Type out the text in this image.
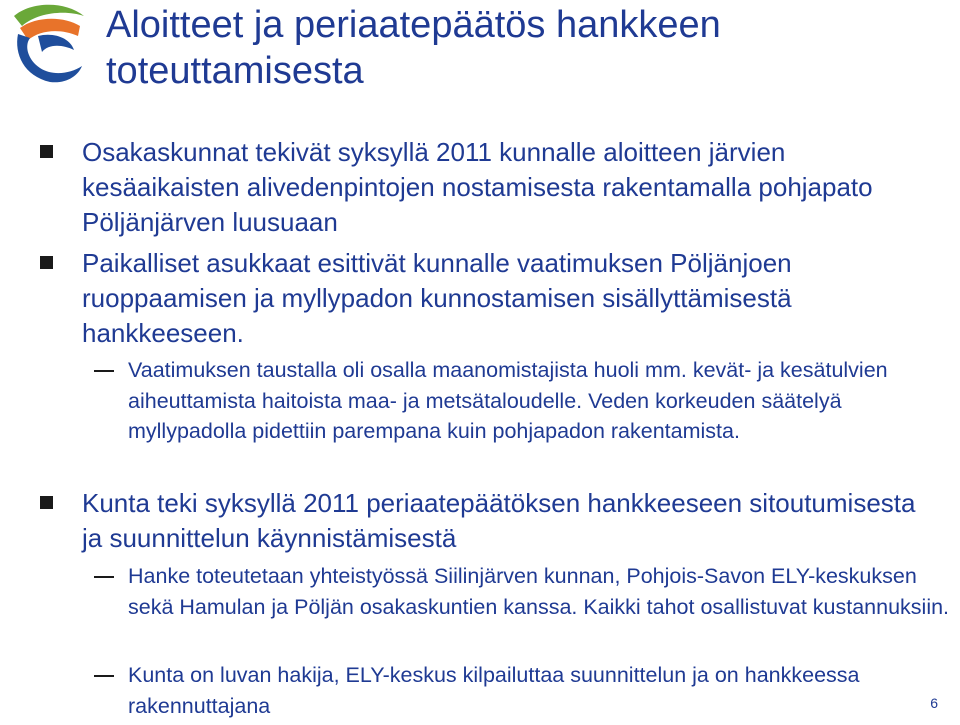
Aloitteet ja periaatepäätös hankkeen toteuttamisesta
Osakaskunnat tekivät syksyllä 2011 kunnalle aloitteen järvien kesäaikaisten alivedenpintojen nostamisesta rakentamalla pohjapato Pöljänjärven luusuaan
Paikalliset asukkaat esittivät kunnalle vaatimuksen Pöljänjoen ruoppaamisen ja myllypadon kunnostamisen sisällyttämisestä hankkeeseen.
Vaatimuksen taustalla oli osalla maanomistajista huoli mm. kevät- ja kesätulvien aiheuttamista haitoista maa- ja metsätaloudelle. Veden korkeuden säätelyä myllypadolla pidettiin parempana kuin pohjapadon rakentamista.
Kunta teki syksyllä 2011 periaatepäätöksen hankkeeseen sitoutumisesta ja suunnittelun käynnistämisestä
Hanke toteutetaan yhteistyössä Siilinjärven kunnan, Pohjois-Savon ELY-keskuksen sekä Hamulan ja Pöljän osakaskuntien kanssa. Kaikki tahot osallistuvat kustannuksiin.
Kunta on luvan hakija, ELY-keskus kilpailuttaa suunnittelun ja on hankkeessa rakennuttajana	6
